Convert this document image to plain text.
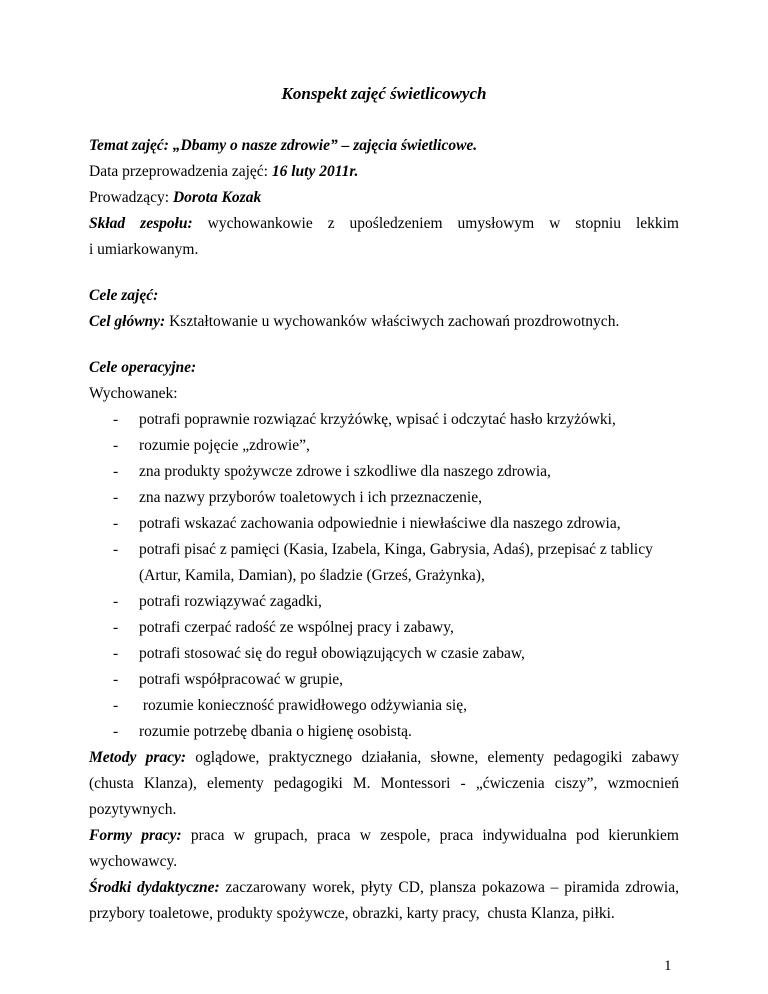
Konspekt zajęć świetlicowych
Temat zajęć: „Dbamy o nasze zdrowie” – zajęcia świetlicowe.
Data przeprowadzenia zajęć: 16 luty 2011r.
Prowadzący: Dorota Kozak
Skład zespołu: wychowankowie z upośledzeniem umysłowym w stopniu lekkim
i umiarkowanym.
Cele zajęć:
Cel główny: Kształtowanie u wychowanków właściwych zachowań prozdrowotnych.
Cele operacyjne:
Wychowanek:
- potrafi poprawnie rozwiązać krzyżówkę, wpisać i odczytać hasło krzyżówki,
- rozumie pojęcie „zdrowie”,
- zna produkty spożywcze zdrowe i szkodliwe dla naszego zdrowia,
- zna nazwy przyborów toaletowych i ich przeznaczenie,
- potrafi wskazać zachowania odpowiednie i niewłaściwe dla naszego zdrowia,
- potrafi pisać z pamięci (Kasia, Izabela, Kinga, Gabrysia, Adaś), przepisać z tablicy
(Artur, Kamila, Damian), po śladzie (Grześ, Grażynka),
- potrafi rozwiązywać zagadki,
- potrafi czerpać radość ze wspólnej pracy i zabawy,
- potrafi stosować się do reguł obowiązujących w czasie zabaw,
- potrafi współpracować w grupie,
- rozumie konieczność prawidłowego odżywiania się,
- rozumie potrzebę dbania o higienę osobistą.
Metody pracy: oglądowe, praktycznego działania, słowne, elementy pedagogiki zabawy
(chusta Klanza), elementy pedagogiki M. Montessori - „ćwiczenia ciszy”, wzmocnień
pozytywnych.
Formy pracy: praca w grupach, praca w zespole, praca indywidualna pod kierunkiem
wychowawcy.
Środki dydaktyczne: zaczarowany worek, płyty CD, plansza pokazowa – piramida zdrowia,
przybory toaletowe, produkty spożywcze, obrazki, karty pracy,  chusta Klanza, piłki.
1
